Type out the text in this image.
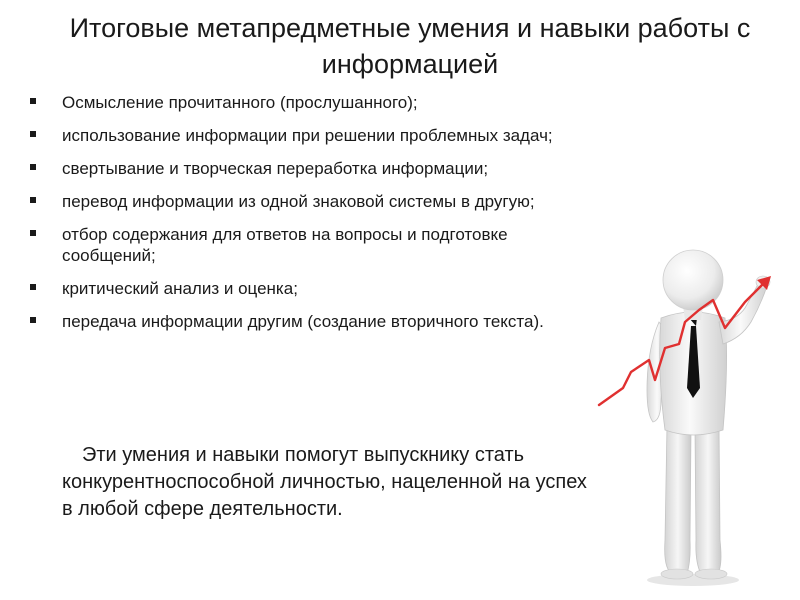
Итоговые метапредметные умения и навыки работы с информацией
Осмысление прочитанного (прослушанного);
использование информации при решении проблемных задач;
свертывание и творческая переработка информации;
перевод информации из одной знаковой системы в другую;
отбор содержания для ответов на вопросы и подготовке сообщений;
критический анализ и оценка;
передача информации другим (создание вторичного текста).

Эти умения и навыки помогут выпускнику стать конкурентноспособной личностью, нацеленной на успех в любой сфере деятельности.
